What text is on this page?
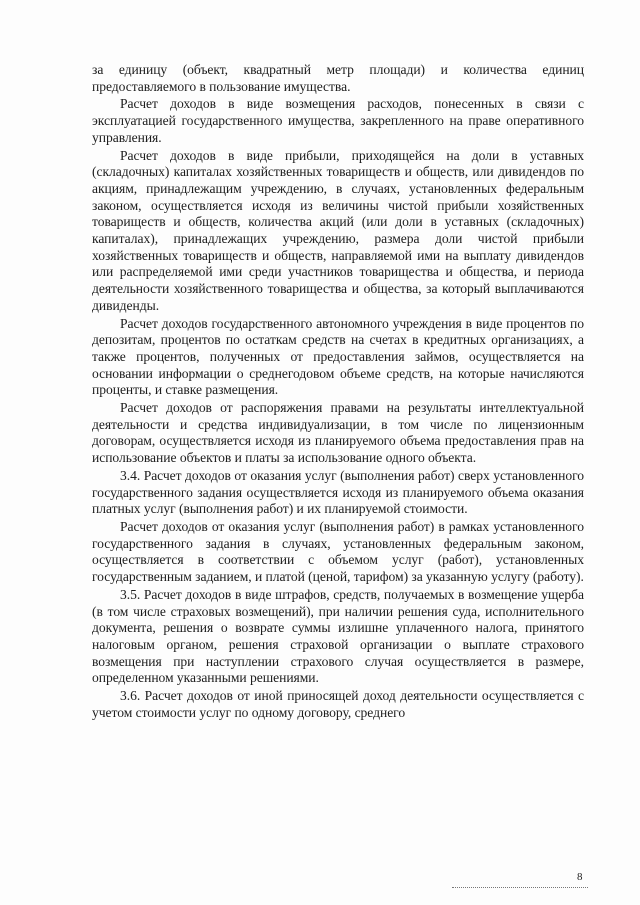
за единицу (объект, квадратный метр площади) и количества единиц предоставляемого в пользование имущества.

Расчет доходов в виде возмещения расходов, понесенных в связи с эксплуатацией государственного имущества, закрепленного на праве оперативного управления.

Расчет доходов в виде прибыли, приходящейся на доли в уставных (складочных) капиталах хозяйственных товариществ и обществ, или дивидендов по акциям, принадлежащим учреждению, в случаях, установленных федеральным законом, осуществляется исходя из величины чистой прибыли хозяйственных товариществ и обществ, количества акций (или доли в уставных (складочных) капиталах), принадлежащих учреждению, размера доли чистой прибыли хозяйственных товариществ и обществ, направляемой ими на выплату дивидендов или распределяемой ими среди участников товарищества и общества, и периода деятельности хозяйственного товарищества и общества, за который выплачиваются дивиденды.

Расчет доходов государственного автономного учреждения в виде процентов по депозитам, процентов по остаткам средств на счетах в кредитных организациях, а также процентов, полученных от предоставления займов, осуществляется на основании информации о среднегодовом объеме средств, на которые начисляются проценты, и ставке размещения.

Расчет доходов от распоряжения правами на результаты интеллектуальной деятельности и средства индивидуализации, в том числе по лицензионным договорам, осуществляется исходя из планируемого объема предоставления прав на использование объектов и платы за использование одного объекта.

3.4. Расчет доходов от оказания услуг (выполнения работ) сверх установленного государственного задания осуществляется исходя из планируемого объема оказания платных услуг (выполнения работ) и их планируемой стоимости.

Расчет доходов от оказания услуг (выполнения работ) в рамках установленного государственного задания в случаях, установленных федеральным законом, осуществляется в соответствии с объемом услуг (работ), установленных государственным заданием, и платой (ценой, тарифом) за указанную услугу (работу).

3.5. Расчет доходов в виде штрафов, средств, получаемых в возмещение ущерба (в том числе страховых возмещений), при наличии решения суда, исполнительного документа, решения о возврате суммы излишне уплаченного налога, принятого налоговым органом, решения страховой организации о выплате страхового возмещения при наступлении страхового случая осуществляется в размере, определенном указанными решениями.

3.6. Расчет доходов от иной приносящей доход деятельности осуществляется с учетом стоимости услуг по одному договору, среднего

8
